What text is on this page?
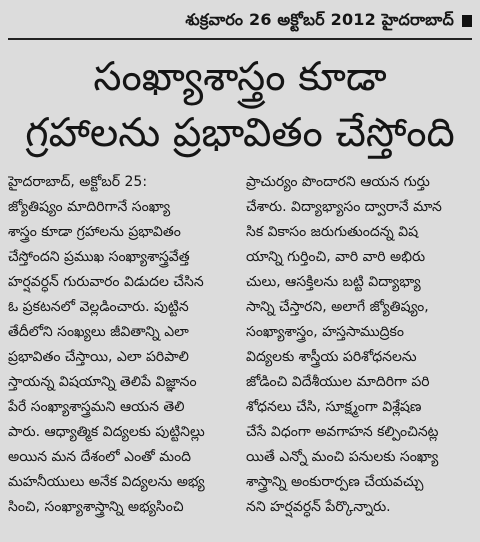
శుక్రవారం 26 అక్టోబర్ 2012 హైదరాబాద్
సంఖ్యాశాస్త్రం కూడా
గ్రహాలను ప్రభావితం చేస్తోంది
హైదరాబాద్, అక్టోబర్ 25:
జ్యోతిష్యం మాదిరిగానే సంఖ్యా
శాస్త్రం కూడా గ్రహాలను ప్రభావితం
చేస్తోందని ప్రముఖ సంఖ్యాశాస్త్రవేత్త
హర్షవర్ధన్ గురువారం విడుదల చేసిన
ఓ ప్రకటనలో వెల్లడించారు. పుట్టిన
తేదీలోని సంఖ్యలు జీవితాన్ని ఎలా
ప్రభావితం చేస్తాయి, ఎలా పరిపాలి
స్తాయన్న విషయాన్ని తెలిపే విజ్ఞానం
పేరే సంఖ్యాశాస్త్రమని ఆయన తెలి
పారు. ఆధ్యాత్మిక విద్యలకు పుట్టినిల్లు
అయిన మన దేశంలో ఎంతో మంది
మహనీయులు అనేక విద్యలను అభ్య
సించి, సంఖ్యాశాస్త్రాన్ని అభ్యసించి
ప్రాచుర్యం పొందారని ఆయన గుర్తు
చేశారు. విద్యాభ్యాసం ద్వారానే మాన
సిక వికాసం జరుగుతుందన్న విష
యాన్ని గుర్తించి, వారి వారి అభిరు
చులు, ఆసక్తిలను బట్టి విద్యాభ్యా
సాన్ని చేస్తారని, అలాగే జ్యోతిష్యం,
సంఖ్యాశాస్త్రం, హస్తసాముద్రికం
విద్యలకు శాస్త్రీయ పరిశోధనలను
జోడించి విదేశీయుల మాదిరిగా పరి
శోధనలు చేసి, సూక్ష్మంగా విశ్లేషణ
చేసే విధంగా అవగాహన కల్పించినట్ల
యితే ఎన్నో మంచి పనులకు సంఖ్యా
శాస్త్రాన్ని అంకురార్పణ చేయవచ్చు
నని హర్షవర్ధన్ పేర్కొన్నారు.
